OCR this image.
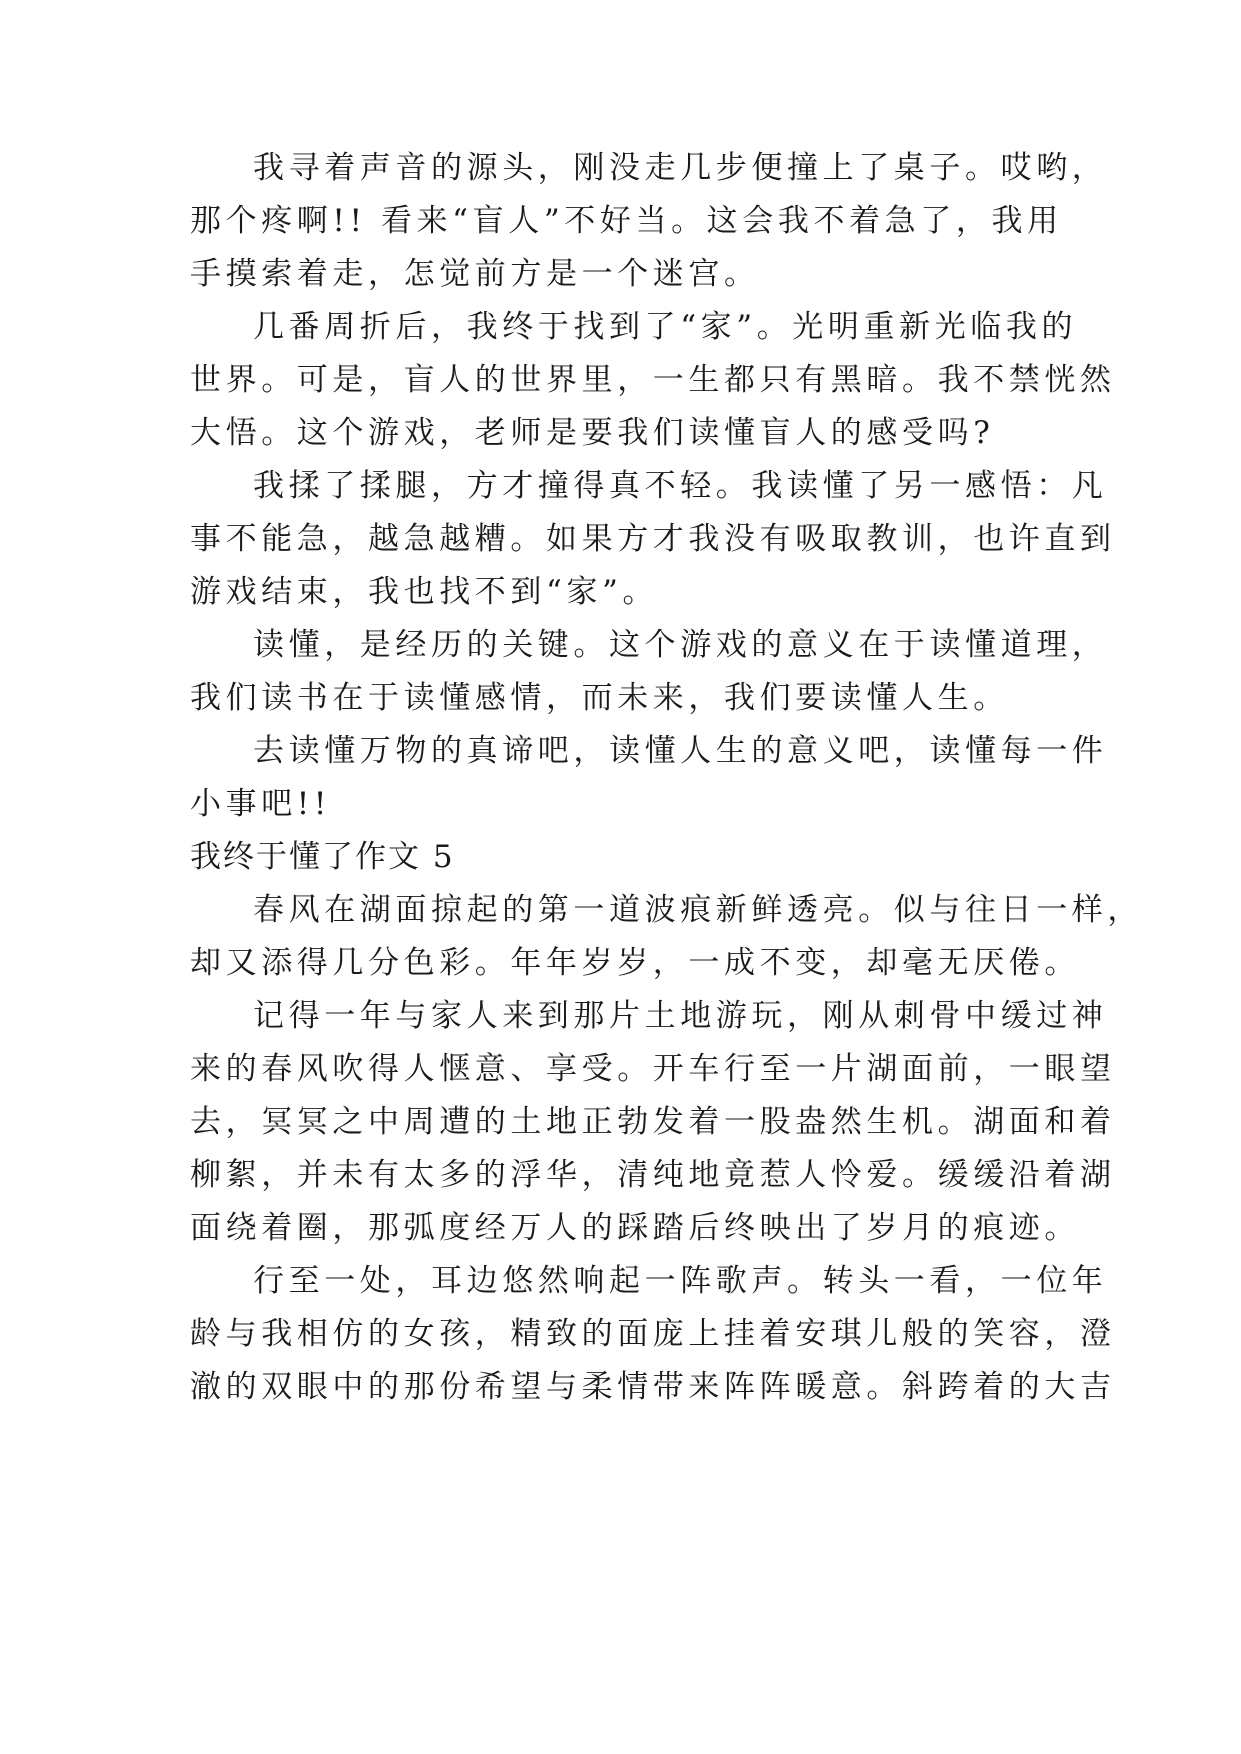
我寻着声音的源头，刚没走几步便撞上了桌子。哎哟，
那个疼啊!! 看来“盲人”不好当。这会我不着急了，我用
手摸索着走，怎觉前方是一个迷宫。
几番周折后，我终于找到了“家”。光明重新光临我的
世界。可是，盲人的世界里，一生都只有黑暗。我不禁恍然
大悟。这个游戏，老师是要我们读懂盲人的感受吗?
我揉了揉腿，方才撞得真不轻。我读懂了另一感悟：凡
事不能急，越急越糟。如果方才我没有吸取教训，也许直到
游戏结束，我也找不到“家”。
读懂，是经历的关键。这个游戏的意义在于读懂道理，
我们读书在于读懂感情，而未来，我们要读懂人生。
去读懂万物的真谛吧，读懂人生的意义吧，读懂每一件
小事吧!!
我终于懂了作文 5
春风在湖面掠起的第一道波痕新鲜透亮。似与往日一样，
却又添得几分色彩。年年岁岁，一成不变，却毫无厌倦。
记得一年与家人来到那片土地游玩，刚从刺骨中缓过神
来的春风吹得人惬意、享受。开车行至一片湖面前，一眼望
去，冥冥之中周遭的土地正勃发着一股盎然生机。湖面和着
柳絮，并未有太多的浮华，清纯地竟惹人怜爱。缓缓沿着湖
面绕着圈，那弧度经万人的踩踏后终映出了岁月的痕迹。
行至一处，耳边悠然响起一阵歌声。转头一看，一位年
龄与我相仿的女孩，精致的面庞上挂着安琪儿般的笑容，澄
澈的双眼中的那份希望与柔情带来阵阵暖意。斜跨着的大吉
